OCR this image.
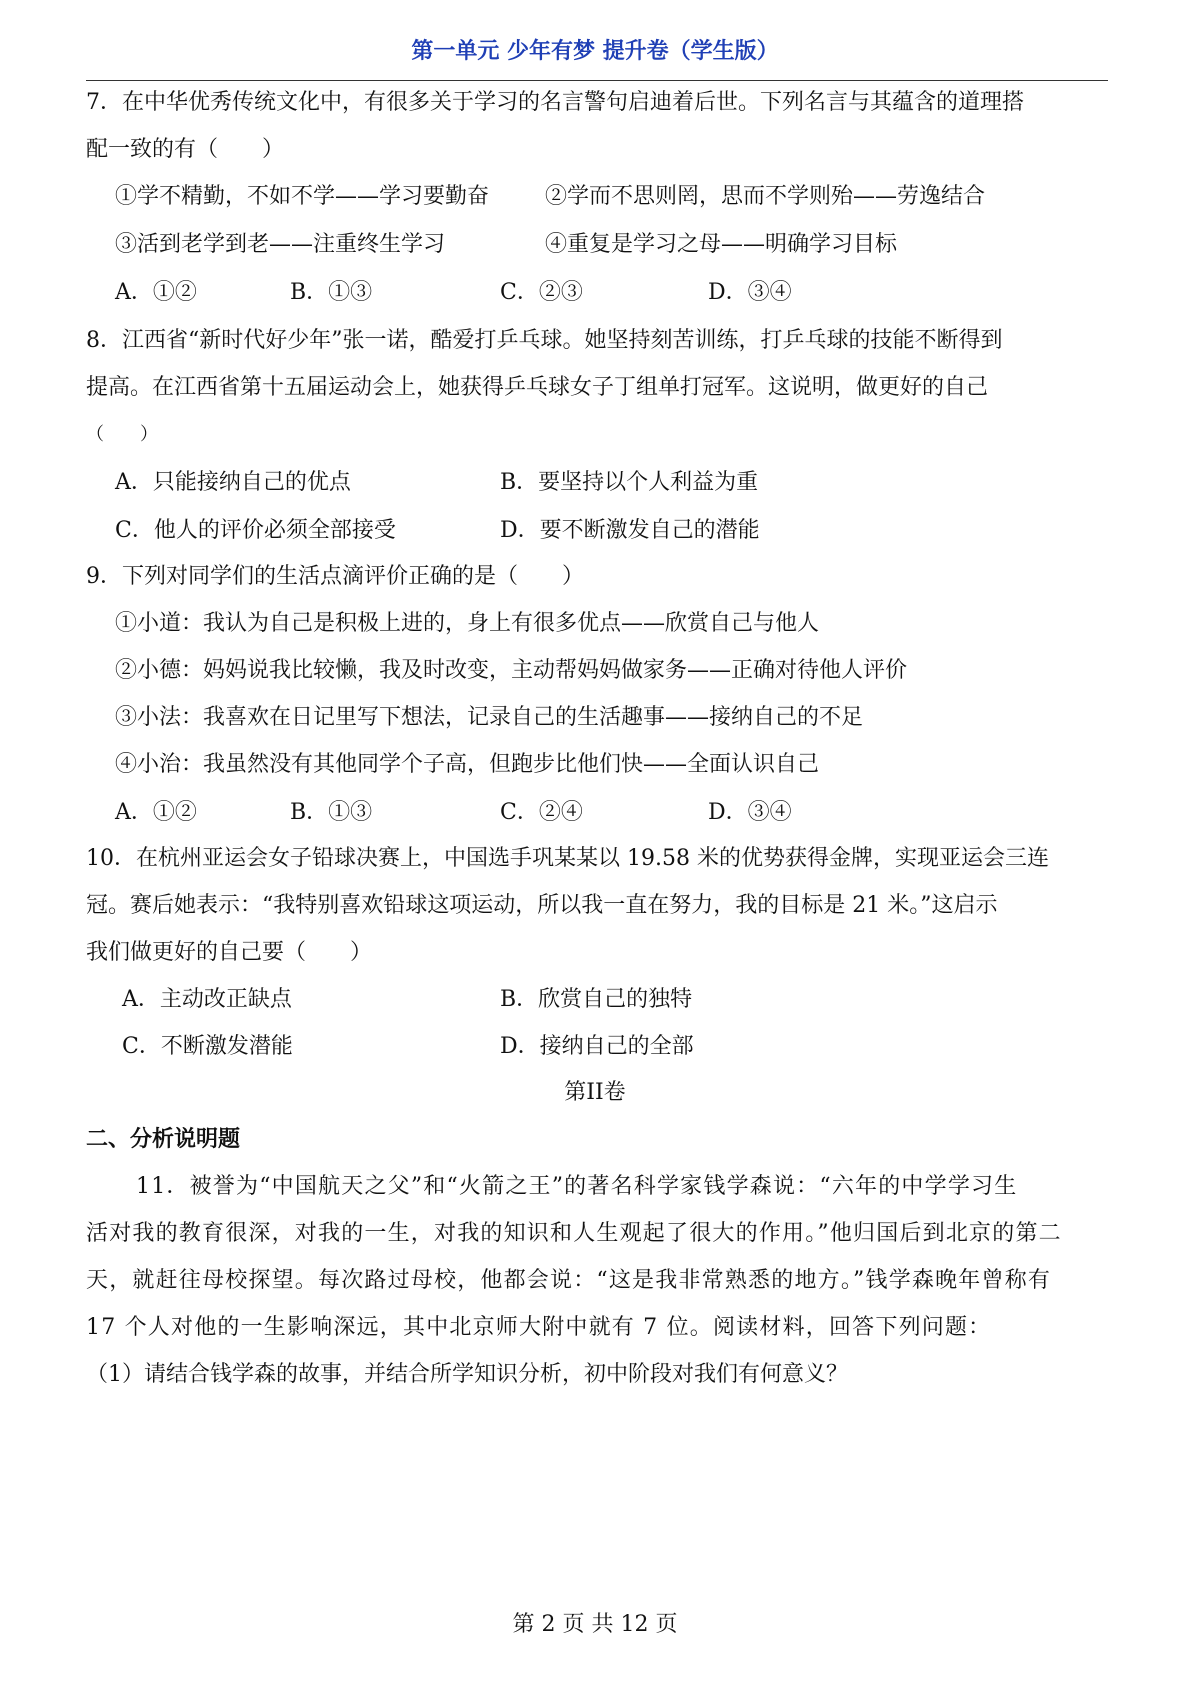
第一单元 少年有梦 提升卷（学生版）
7．在中华优秀传统文化中，有很多关于学习的名言警句启迪着后世。下列名言与其蕴含的道理搭
配一致的有（　　）
①学不精勤，不如不学——学习要勤奋	②学而不思则罔，思而不学则殆——劳逸结合
③活到老学到老——注重终生学习	④重复是学习之母——明确学习目标
A．①②	B．①③	C．②③	D．③④
8．江西省“新时代好少年”张一诺，酷爱打乒乓球。她坚持刻苦训练，打乒乓球的技能不断得到
提高。在江西省第十五届运动会上，她获得乒乓球女子丁组单打冠军。这说明，做更好的自己
（　　）
A．只能接纳自己的优点	B．要坚持以个人利益为重
C．他人的评价必须全部接受	D．要不断激发自己的潜能
9．下列对同学们的生活点滴评价正确的是（　　）
①小道：我认为自己是积极上进的，身上有很多优点——欣赏自己与他人
②小德：妈妈说我比较懒，我及时改变，主动帮妈妈做家务——正确对待他人评价
③小法：我喜欢在日记里写下想法，记录自己的生活趣事——接纳自己的不足
④小治：我虽然没有其他同学个子高，但跑步比他们快——全面认识自己
A．①②	B．①③	C．②④	D．③④
10．在杭州亚运会女子铅球决赛上，中国选手巩某某以 19.58 米的优势获得金牌，实现亚运会三连
冠。赛后她表示：“我特别喜欢铅球这项运动，所以我一直在努力，我的目标是 21 米。”这启示
我们做更好的自己要（　　）
A．主动改正缺点	B．欣赏自己的独特
C．不断激发潜能	D．接纳自己的全部
第II卷
二、分析说明题
11．被誉为“中国航天之父”和“火箭之王”的著名科学家钱学森说：“六年的中学学习生
活对我的教育很深，对我的一生，对我的知识和人生观起了很大的作用。”他归国后到北京的第二
天，就赶往母校探望。每次路过母校，他都会说：“这是我非常熟悉的地方。”钱学森晚年曾称有
17 个人对他的一生影响深远，其中北京师大附中就有 7 位。阅读材料，回答下列问题：
（1）请结合钱学森的故事，并结合所学知识分析，初中阶段对我们有何意义？
第 2 页 共 12 页
